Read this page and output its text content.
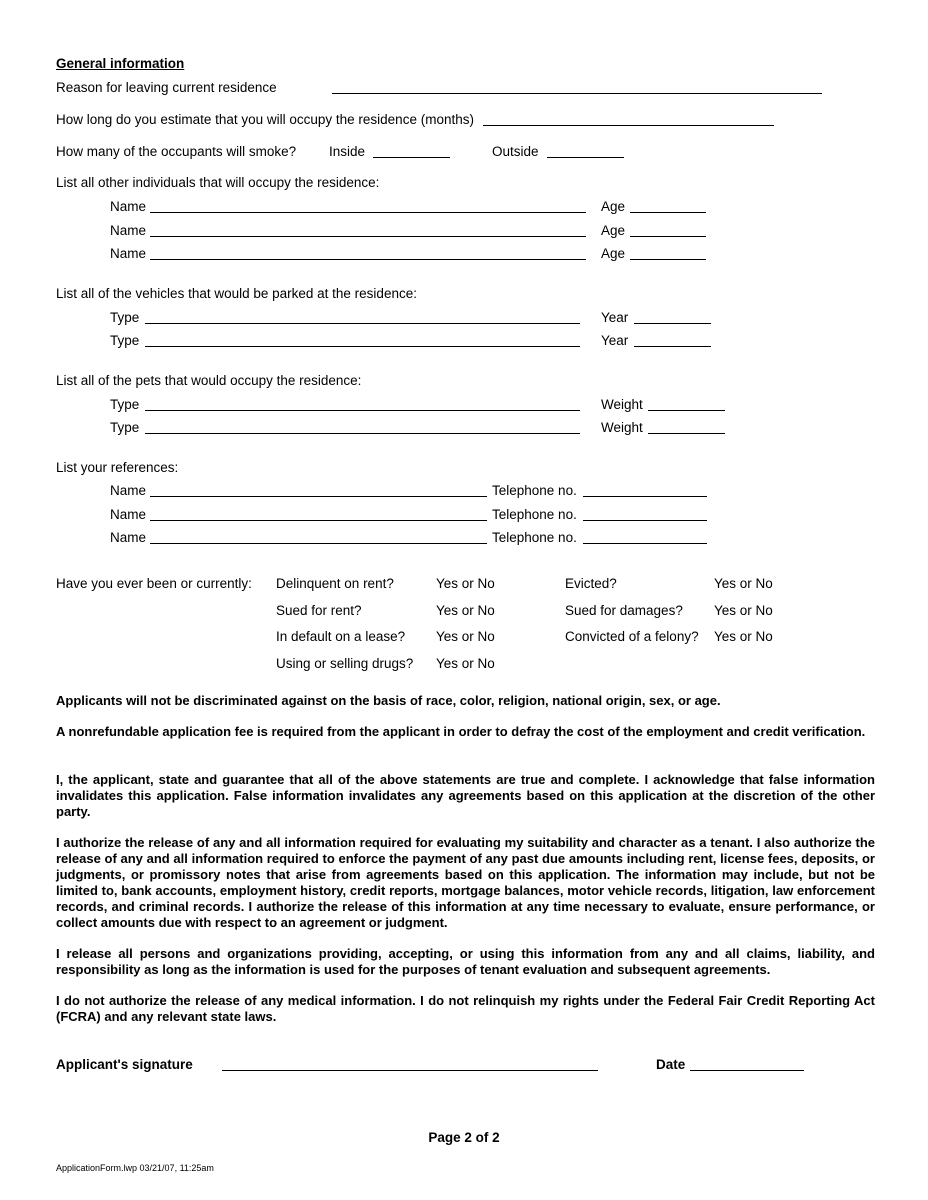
General information
Reason for leaving current residence
How long do you estimate that you will occupy the residence (months)
How many of the occupants will smoke? Inside	Outside
List all other individuals that will occupy the residence:
Name	Age
Name	Age
Name	Age
List all of the vehicles that would be parked at the residence:
Type	Year
Type	Year
List all of the pets that would occupy the residence:
Type	Weight
Type	Weight
List your references:
Name	Telephone no.
Name	Telephone no.
Name	Telephone no.
Have you ever been or currently: Delinquent on rent?	Yes or No	Evicted?	Yes or No
Sued for rent?	Yes or No	Sued for damages? Yes or No
In default on a lease? Yes or No	Convicted of a felony? Yes or No
Using or selling drugs? Yes or No
Applicants will not be discriminated against on the basis of race, color, religion, national origin, sex, or age.
A nonrefundable application fee is required from the applicant in order to defray the cost of the employment and credit verification.
I, the applicant, state and guarantee that all of the above statements are true and complete. I acknowledge that false information invalidates this application. False information invalidates any agreements based on this application at the discretion of the other party.
I authorize the release of any and all information required for evaluating my suitability and character as a tenant. I also authorize the release of any and all information required to enforce the payment of any past due amounts including rent, license fees, deposits, or judgments, or promissory notes that arise from agreements based on this application. The information may include, but not be limited to, bank accounts, employment history, credit reports, mortgage balances, motor vehicle records, litigation, law enforcement records, and criminal records. I authorize the release of this information at any time necessary to evaluate, ensure performance, or collect amounts due with respect to an agreement or judgment.
I release all persons and organizations providing, accepting, or using this information from any and all claims, liability, and responsibility as long as the information is used for the purposes of tenant evaluation and subsequent agreements.
I do not authorize the release of any medical information. I do not relinquish my rights under the Federal Fair Credit Reporting Act (FCRA) and any relevant state laws.
Applicant's signature	Date
Page 2 of 2
ApplicationForm.lwp 03/21/07, 11:25am
